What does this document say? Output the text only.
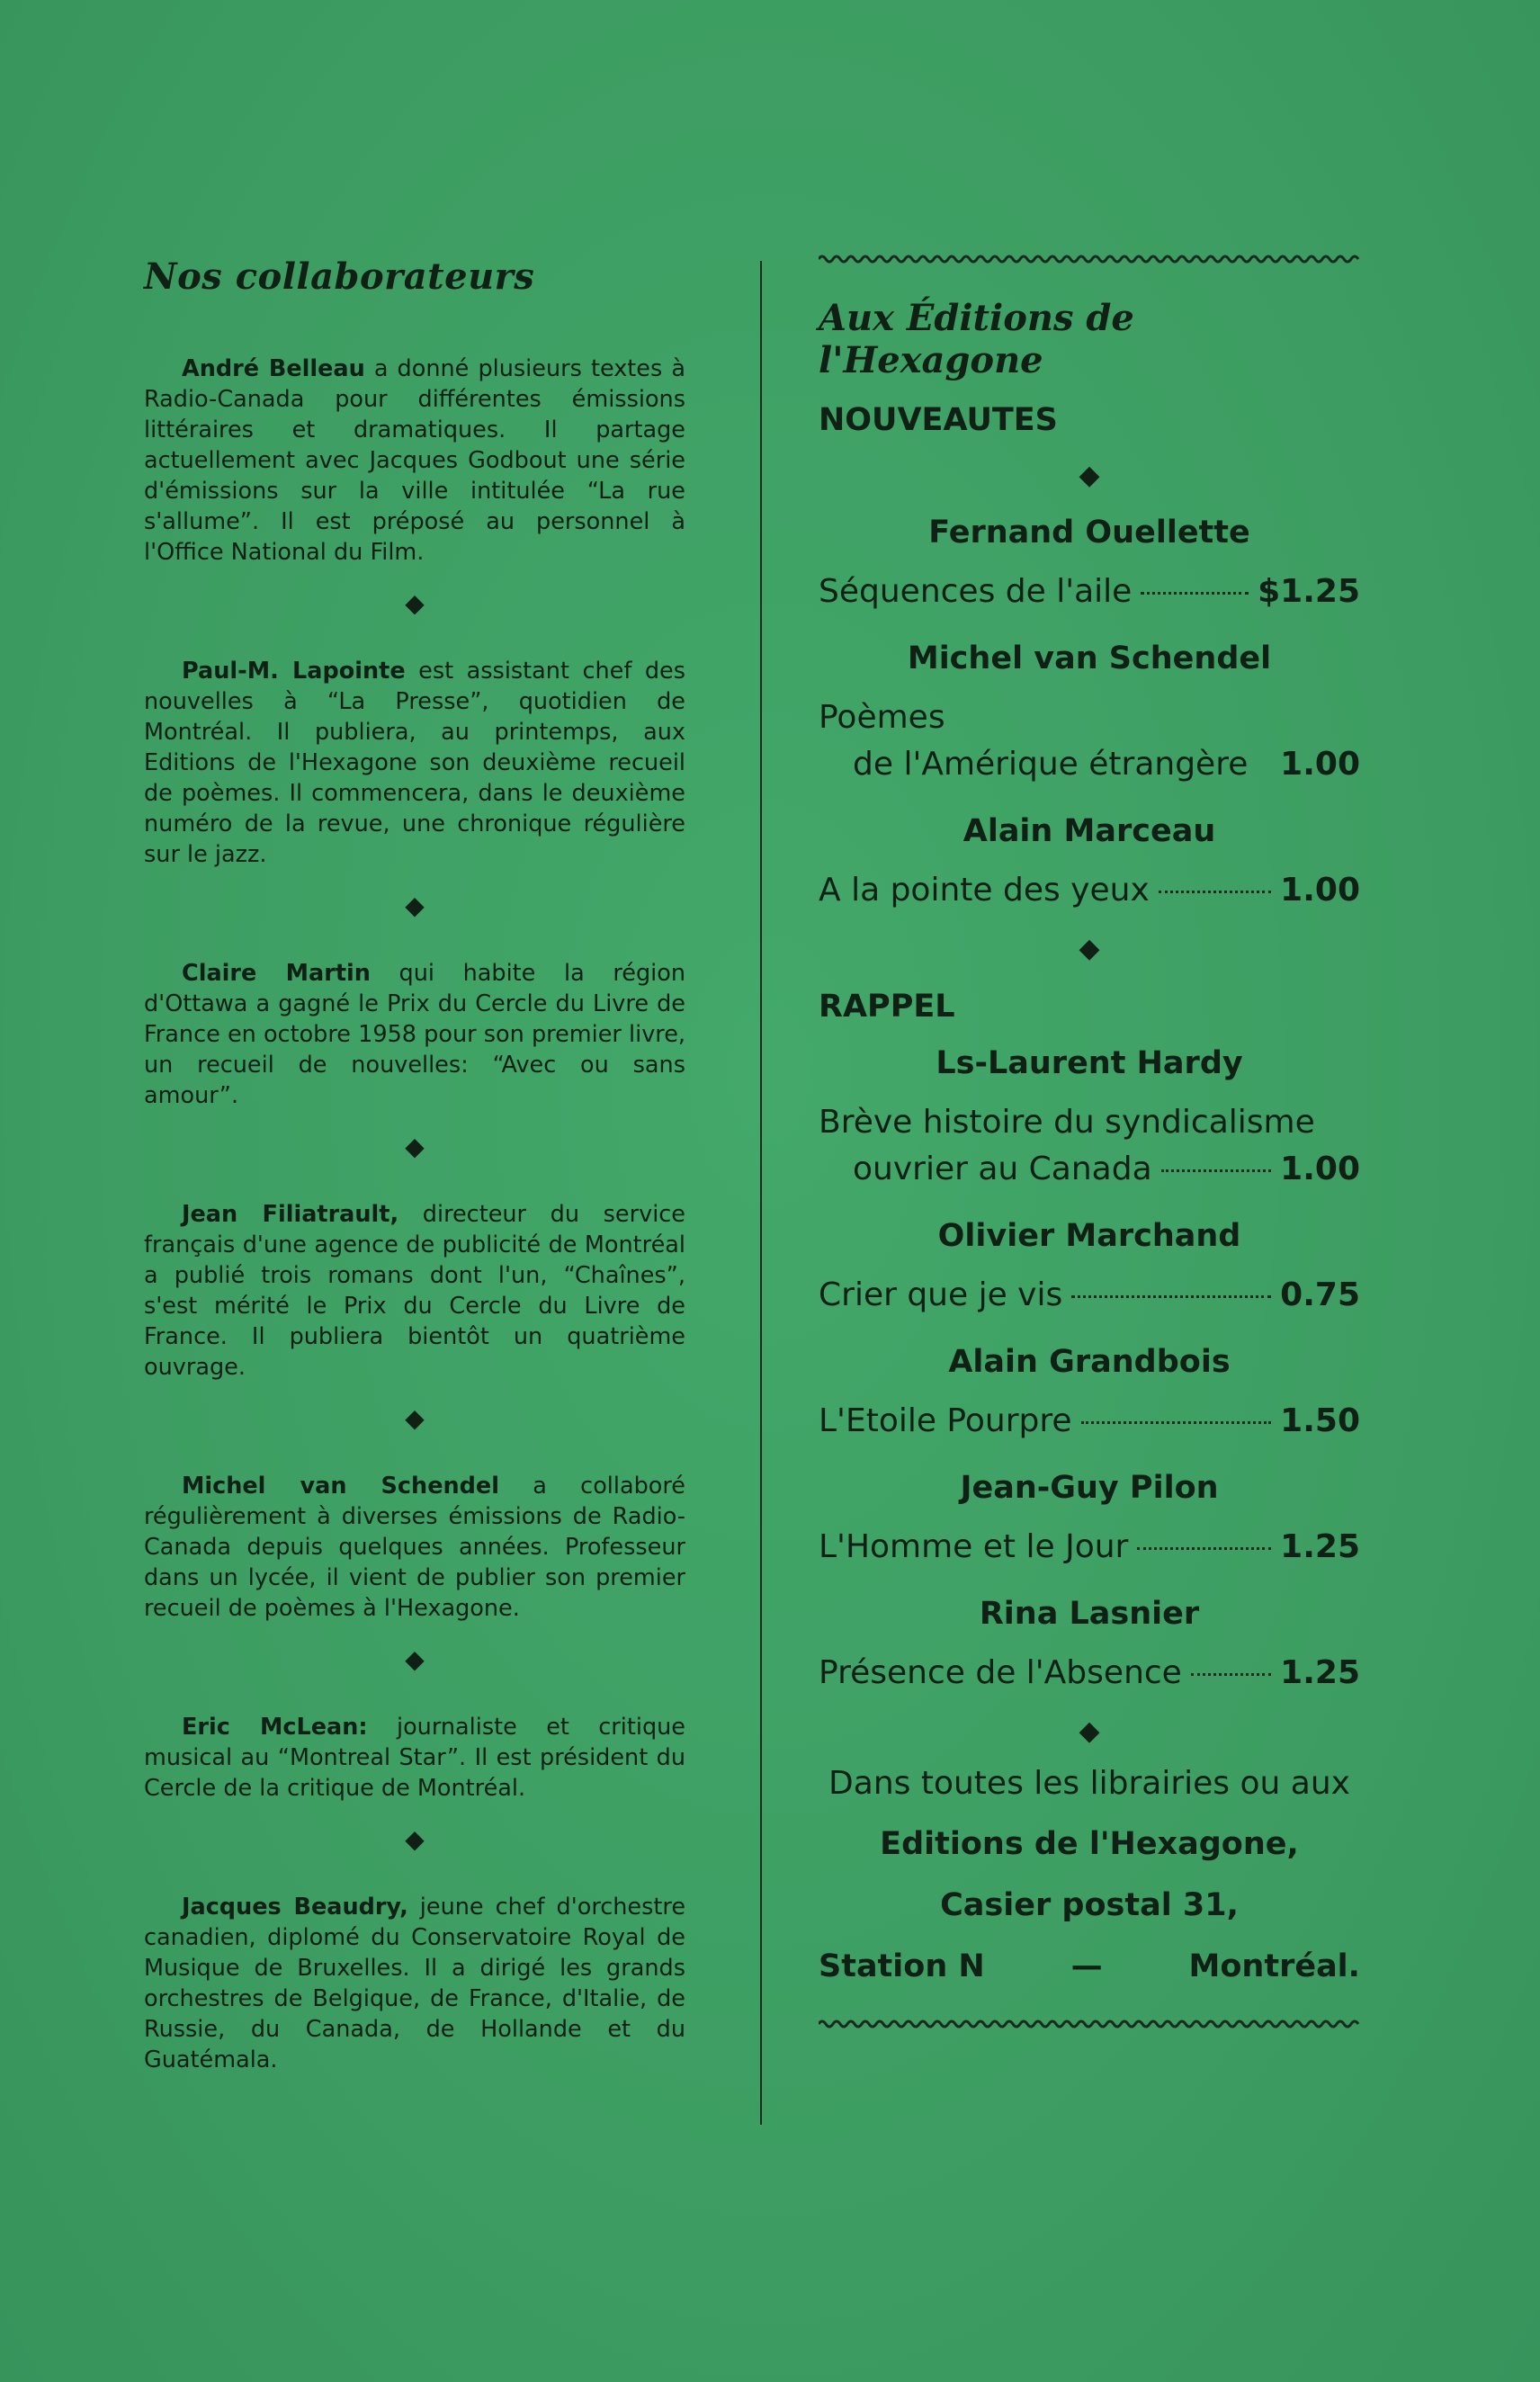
Nos collaborateurs

André Belleau a donné plusieurs textes à Radio-Canada pour différentes émissions littéraires et dramatiques. Il partage actuellement avec Jacques Godbout une série d'émissions sur la ville intitulée “La rue s'allume”. Il est préposé au personnel à l'Office National du Film.

◆

Paul-M. Lapointe est assistant chef des nouvelles à “La Presse”, quotidien de Montréal. Il publiera, au printemps, aux Editions de l'Hexagone son deuxième recueil de poèmes. Il commencera, dans le deuxième numéro de la revue, une chronique régulière sur le jazz.

◆

Claire Martin qui habite la région d'Ottawa a gagné le Prix du Cercle du Livre de France en octobre 1958 pour son premier livre, un recueil de nouvelles: “Avec ou sans amour”.

◆

Jean Filiatrault, directeur du service français d'une agence de publicité de Montréal a publié trois romans dont l'un, “Chaînes”, s'est mérité le Prix du Cercle du Livre de France. Il publiera bientôt un quatrième ouvrage.

◆

Michel van Schendel a collaboré régulièrement à diverses émissions de Radio-Canada depuis quelques années. Professeur dans un lycée, il vient de publier son premier recueil de poèmes à l'Hexagone.

◆

Eric McLean: journaliste et critique musical au “Montreal Star”. Il est président du Cercle de la critique de Montréal.

◆

Jacques Beaudry, jeune chef d'orchestre canadien, diplomé du Conservatoire Royal de Musique de Bruxelles. Il a dirigé les grands orchestres de Belgique, de France, d'Italie, de Russie, du Canada, de Hollande et du Guatémala.

Aux Éditions de l'Hexagone

NOUVEAUTES

◆
Fernand Ouellette
Séquences de l'aile	$1.25
Michel van Schendel
Poèmes
de l'Amérique étrangère 1.00
Alain Marceau
A la pointe des yeux	1.00
◆

RAPPEL

Ls-Laurent Hardy
Brève histoire du syndicalisme
ouvrier au Canada	1.00
Olivier Marchand
Crier que je vis	0.75
Alain Grandbois
L'Etoile Pourpre	1.50
Jean-Guy Pilon
L'Homme et le Jour	1.25
Rina Lasnier
Présence de l'Absence	1.25
◆

Dans toutes les librairies ou aux

Editions de l'Hexagone,

Casier postal 31,

Station N	—	Montréal.
